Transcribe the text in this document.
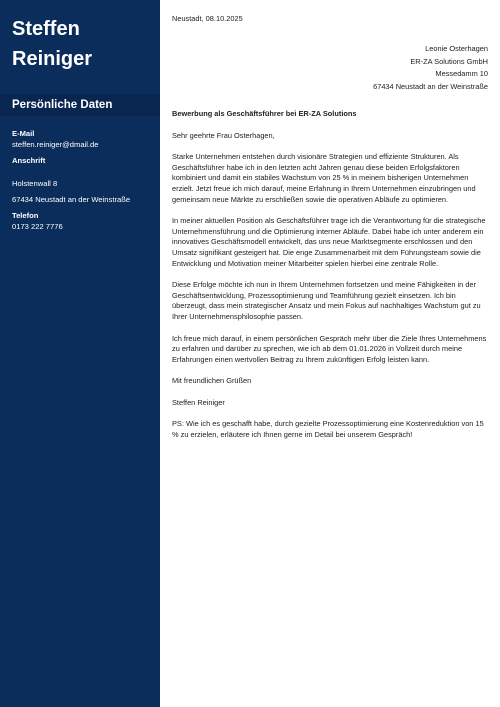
Steffen
Reiniger
Persönliche Daten
E-Mail
steffen.reiniger@dmail.de
Anschrift
Holstenwall 8
67434 Neustadt an der Weinstraße
Telefon
0173 222 7776
Neustadt, 08.10.2025
Leonie Osterhagen
ER-ZA Solutions GmbH
Messedamm 10
67434 Neustadt an der Weinstraße
Bewerbung als Geschäftsführer bei ER-ZA Solutions
Sehr geehrte Frau Osterhagen,
Starke Unternehmen entstehen durch visionäre Strategien und effiziente Strukturen. Als Geschäftsführer habe ich in den letzten acht Jahren genau diese beiden Erfolgsfaktoren kombiniert und damit ein stabiles Wachstum von 25 % in meinem bisherigen Unternehmen erzielt. Jetzt freue ich mich darauf, meine Erfahrung in Ihrem Unternehmen einzubringen und gemeinsam neue Märkte zu erschließen sowie die operativen Abläufe zu optimieren.
In meiner aktuellen Position als Geschäftsführer trage ich die Verantwortung für die strategische Unternehmensführung und die Optimierung interner Abläufe. Dabei habe ich unter anderem ein innovatives Geschäftsmodell entwickelt, das uns neue Marktsegmente erschlossen und den Umsatz signifikant gesteigert hat. Die enge Zusammenarbeit mit dem Führungsteam sowie die Entwicklung und Motivation meiner Mitarbeiter spielen hierbei eine zentrale Rolle.
Diese Erfolge möchte ich nun in Ihrem Unternehmen fortsetzen und meine Fähigkeiten in der Geschäftsentwicklung, Prozessoptimierung und Teamführung gezielt einsetzen. Ich bin überzeugt, dass mein strategischer Ansatz und mein Fokus auf nachhaltiges Wachstum gut zu Ihrer Unternehmensphilosophie passen.
Ich freue mich darauf, in einem persönlichen Gespräch mehr über die Ziele Ihres Unternehmens zu erfahren und darüber zu sprechen, wie ich ab dem 01.01.2026 in Vollzeit durch meine Erfahrungen einen wertvollen Beitrag zu Ihrem zukünftigen Erfolg leisten kann.
Mit freundlichen Grüßen
Steffen Reiniger
PS: Wie ich es geschafft habe, durch gezielte Prozessoptimierung eine Kostenreduktion von 15 % zu erzielen, erläutere ich Ihnen gerne im Detail bei unserem Gespräch!
